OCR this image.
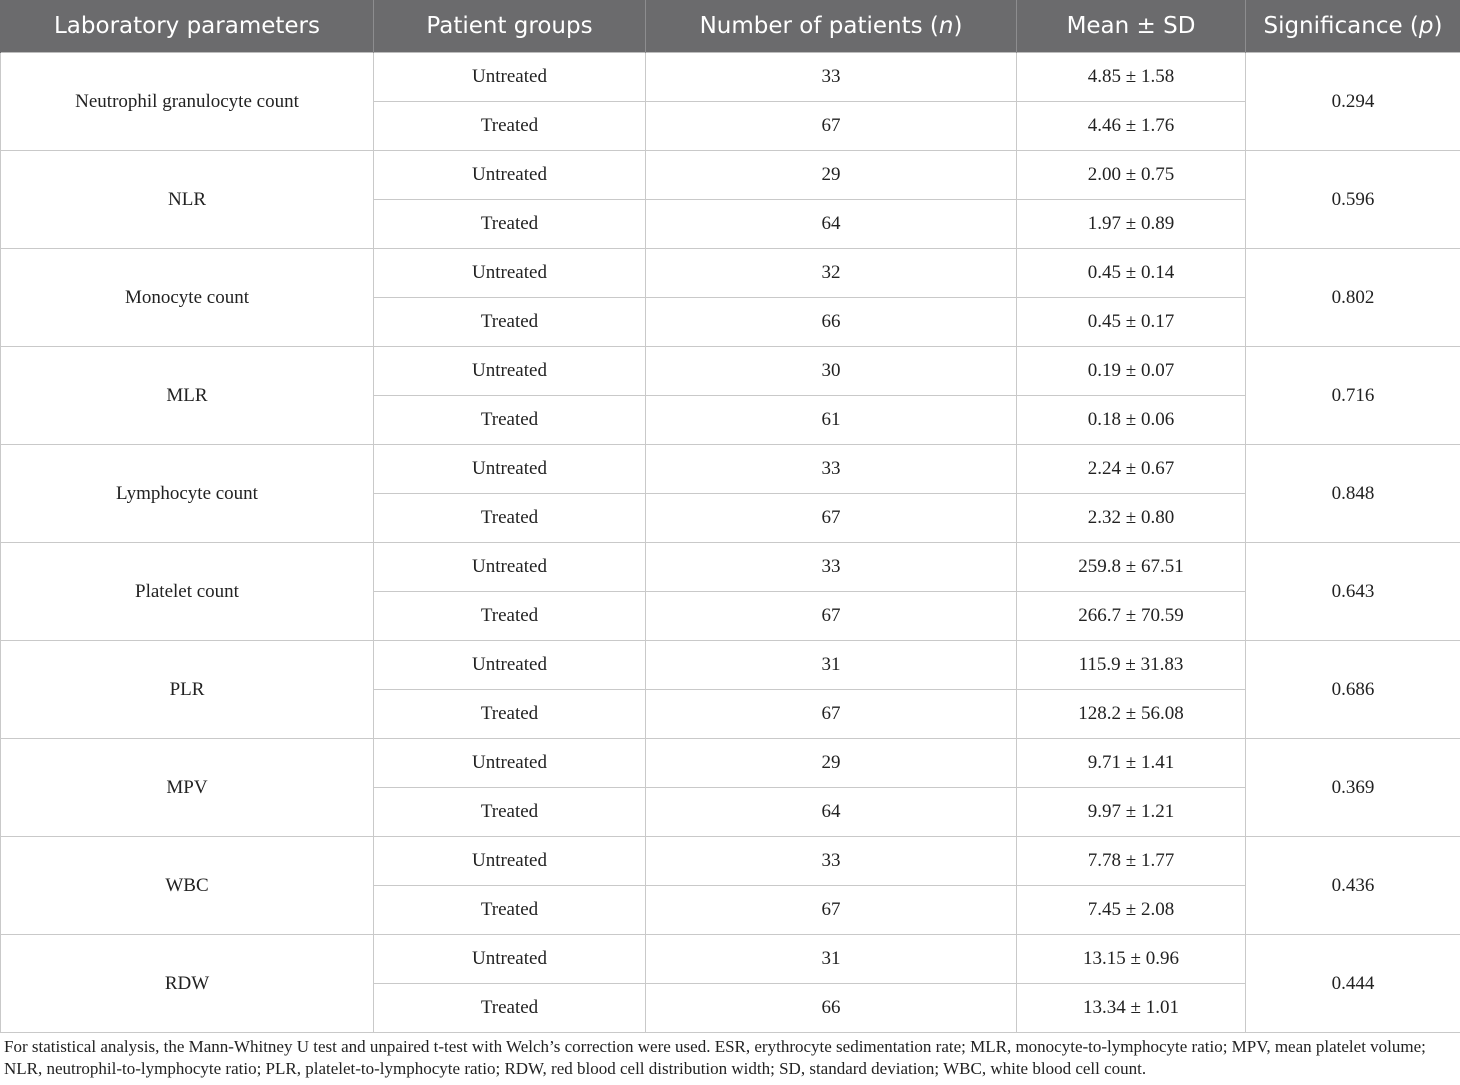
Laboratory parameters	Patient groups	Number of patients (n)	Mean ± SD	Significance (p)
Neutrophil granulocyte count	Untreated	33	4.85 ± 1.58	0.294
	Treated	67	4.46 ± 1.76	
NLR	Untreated	29	2.00 ± 0.75	0.596
	Treated	64	1.97 ± 0.89	
Monocyte count	Untreated	32	0.45 ± 0.14	0.802
	Treated	66	0.45 ± 0.17	
MLR	Untreated	30	0.19 ± 0.07	0.716
	Treated	61	0.18 ± 0.06	
Lymphocyte count	Untreated	33	2.24 ± 0.67	0.848
	Treated	67	2.32 ± 0.80	
Platelet count	Untreated	33	259.8 ± 67.51	0.643
	Treated	67	266.7 ± 70.59	
PLR	Untreated	31	115.9 ± 31.83	0.686
	Treated	67	128.2 ± 56.08	
MPV	Untreated	29	9.71 ± 1.41	0.369
	Treated	64	9.97 ± 1.21	
WBC	Untreated	33	7.78 ± 1.77	0.436
	Treated	67	7.45 ± 2.08	
RDW	Untreated	31	13.15 ± 0.96	0.444
	Treated	66	13.34 ± 1.01	

For statistical analysis, the Mann-Whitney U test and unpaired t-test with Welch’s correction were used. ESR, erythrocyte sedimentation rate; MLR, monocyte-to-lymphocyte ratio; MPV, mean platelet volume; NLR, neutrophil-to-lymphocyte ratio; PLR, platelet-to-lymphocyte ratio; RDW, red blood cell distribution width; SD, standard deviation; WBC, white blood cell count.
